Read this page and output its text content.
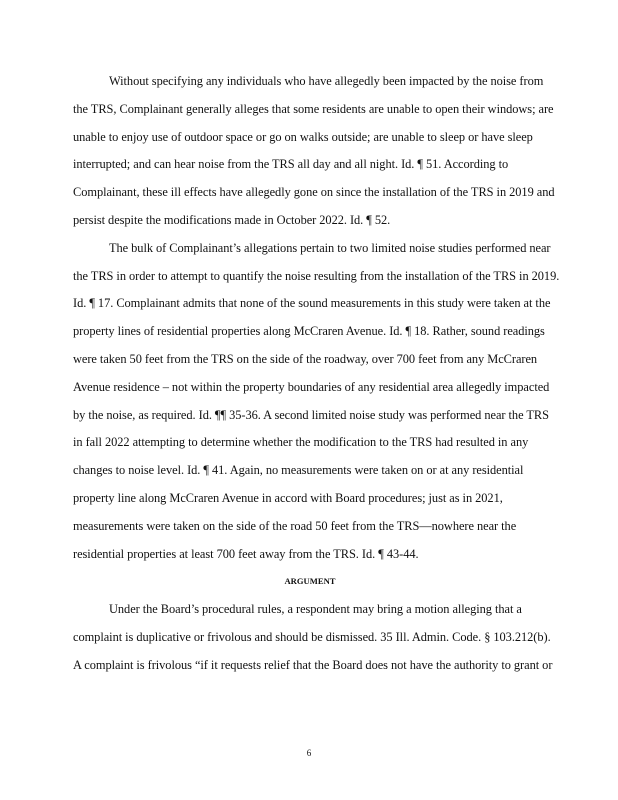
Without specifying any individuals who have allegedly been impacted by the noise from
the TRS, Complainant generally alleges that some residents are unable to open their windows; are
unable to enjoy use of outdoor space or go on walks outside; are unable to sleep or have sleep
interrupted; and can hear noise from the TRS all day and all night. Id. ¶ 51. According to
Complainant, these ill effects have allegedly gone on since the installation of the TRS in 2019 and
persist despite the modifications made in October 2022. Id. ¶ 52.
The bulk of Complainant’s allegations pertain to two limited noise studies performed near
the TRS in order to attempt to quantify the noise resulting from the installation of the TRS in 2019.
Id. ¶ 17. Complainant admits that none of the sound measurements in this study were taken at the
property lines of residential properties along McCraren Avenue. Id. ¶ 18. Rather, sound readings
were taken 50 feet from the TRS on the side of the roadway, over 700 feet from any McCraren
Avenue residence – not within the property boundaries of any residential area allegedly impacted
by the noise, as required. Id. ¶¶ 35-36. A second limited noise study was performed near the TRS
in fall 2022 attempting to determine whether the modification to the TRS had resulted in any
changes to noise level. Id. ¶ 41. Again, no measurements were taken on or at any residential
property line along McCraren Avenue in accord with Board procedures; just as in 2021,
measurements were taken on the side of the road 50 feet from the TRS—nowhere near the
residential properties at least 700 feet away from the TRS. Id. ¶ 43-44.
ARGUMENT
Under the Board’s procedural rules, a respondent may bring a motion alleging that a
complaint is duplicative or frivolous and should be dismissed. 35 Ill. Admin. Code. § 103.212(b).
A complaint is frivolous “if it requests relief that the Board does not have the authority to grant or
6
